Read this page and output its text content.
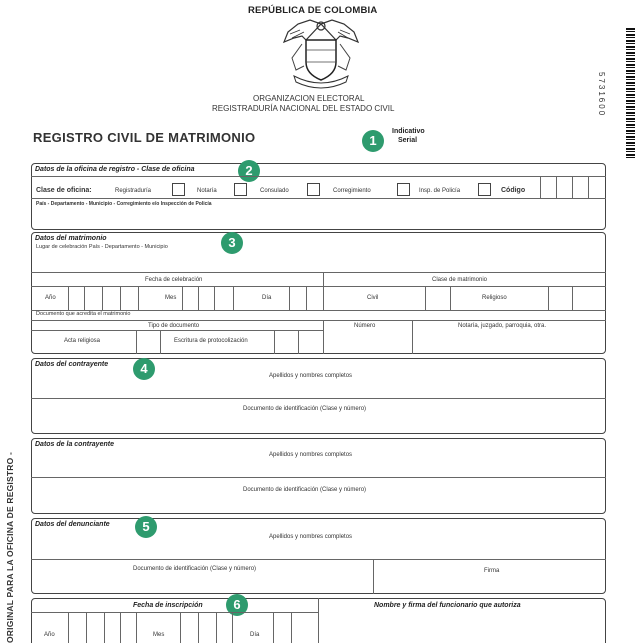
REPÚBLICA DE COLOMBIA
ORGANIZACION ELECTORAL
REGISTRADURÍA NACIONAL DEL ESTADO CIVIL
REGISTRO CIVIL DE MATRIMONIO	1
Indicativo
Serial
5731600
ORIGINAL PARA LA OFICINA DE REGISTRO -
Datos de la oficina de registro - Clase de oficina	2
Clase de oficina:	Registraduría	Notaría	Consulado	Corregimiento	Insp. de Policía	Código
País - Departamento - Municipio - Corregimiento e/o Inspección de Policía
Datos del matrimonio	3
Lugar de celebración País - Departamento - Municipio
Fecha de celebración	Clase de matrimonio
Año	Mes	Día	Civil	Religioso
Documento que acredita el matrimonio
Tipo de documento	Número	Notaría, juzgado, parroquia, otra.
Acta religiosa	Escritura de protocolización
Datos del contrayente	4	Apellidos y nombres completos
Documento de identificación (Clase y número)
Datos de la contrayente
Apellidos y nombres completos
Documento de identificación (Clase y número)
Datos del denunciante	5
Apellidos y nombres completos
Documento de identificación (Clase y número)	Firma
6
Fecha de inscripción	Nombre y firma del funcionario que autoriza
Año	Mes	Día
